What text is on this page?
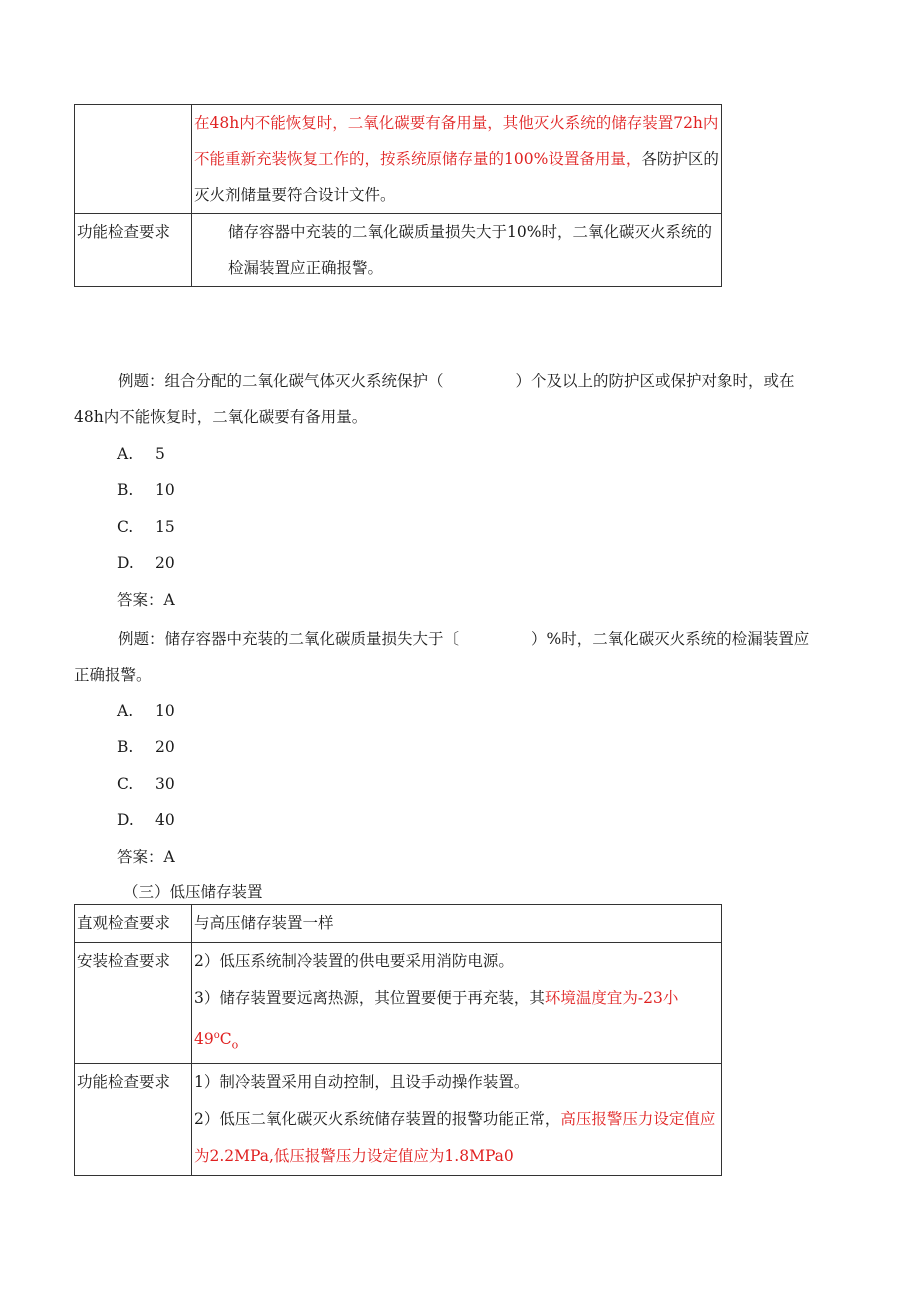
	在48h内不能恢复时，二氧化碳要有备用量，其他灭火系统的储存装置72h内不能重新充装恢复工作的，按系统原储存量的100%设置备用量，各防护区的灭火剂储量要符合设计文件。
功能检查要求	储存容器中充装的二氧化碳质量损失大于10%时，二氧化碳灭火系统的检漏装置应正确报警。

例题：组合分配的二氧化碳气体灭火系统保护（	）个及以上的防护区或保护对象时，或在48h内不能恢复时，二氧化碳要有备用量。

A. 5

B. 10

C. 15

D. 20

答案：A

例题：储存容器中充装的二氧化碳质量损失大于〔	）%时，二氧化碳灭火系统的检漏装置应正确报警。

A. 10

B. 20

C. 30

D. 40

答案：A

（三）低压储存装置

直观检查要求	与高压储存装置一样
安装检查要求	2）低压系统制冷装置的供电要采用消防电源。
3）储存装置要远离热源，其位置要便于再充装，其环境温度宜为-23小
$49^oC_o$

功能检查要求	1）制冷装置采用自动控制，且设手动操作装置。
2）低压二氧化碳灭火系统储存装置的报警功能正常，高压报警压力设定值应为2.2MPa,低压报警压力设定值应为1.8MPa0
